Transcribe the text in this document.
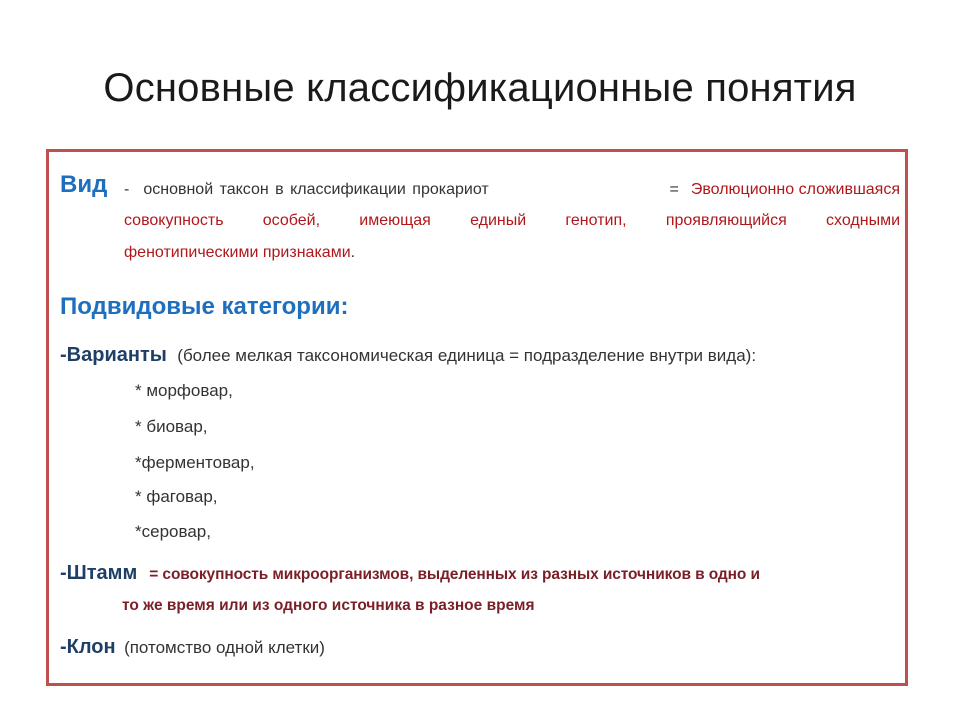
Основные классификационные понятия
Вид - основной таксон в классификации прокариот	= Эволюционно сложившаяся
совокупность особей, имеющая единый генотип, проявляющийся сходными
фенотипическими признаками.
Подвидовые категории:
-Варианты (более мелкая таксономическая единица = подразделение внутри вида):
* морфовар,
* биовар,
*ферментовар,
* фаговар,
*серовар,
-Штамм = совокупность микроорганизмов, выделенных из разных источников в одно и
то же время или из одного источника в разное время
-Клон (потомство одной клетки)
